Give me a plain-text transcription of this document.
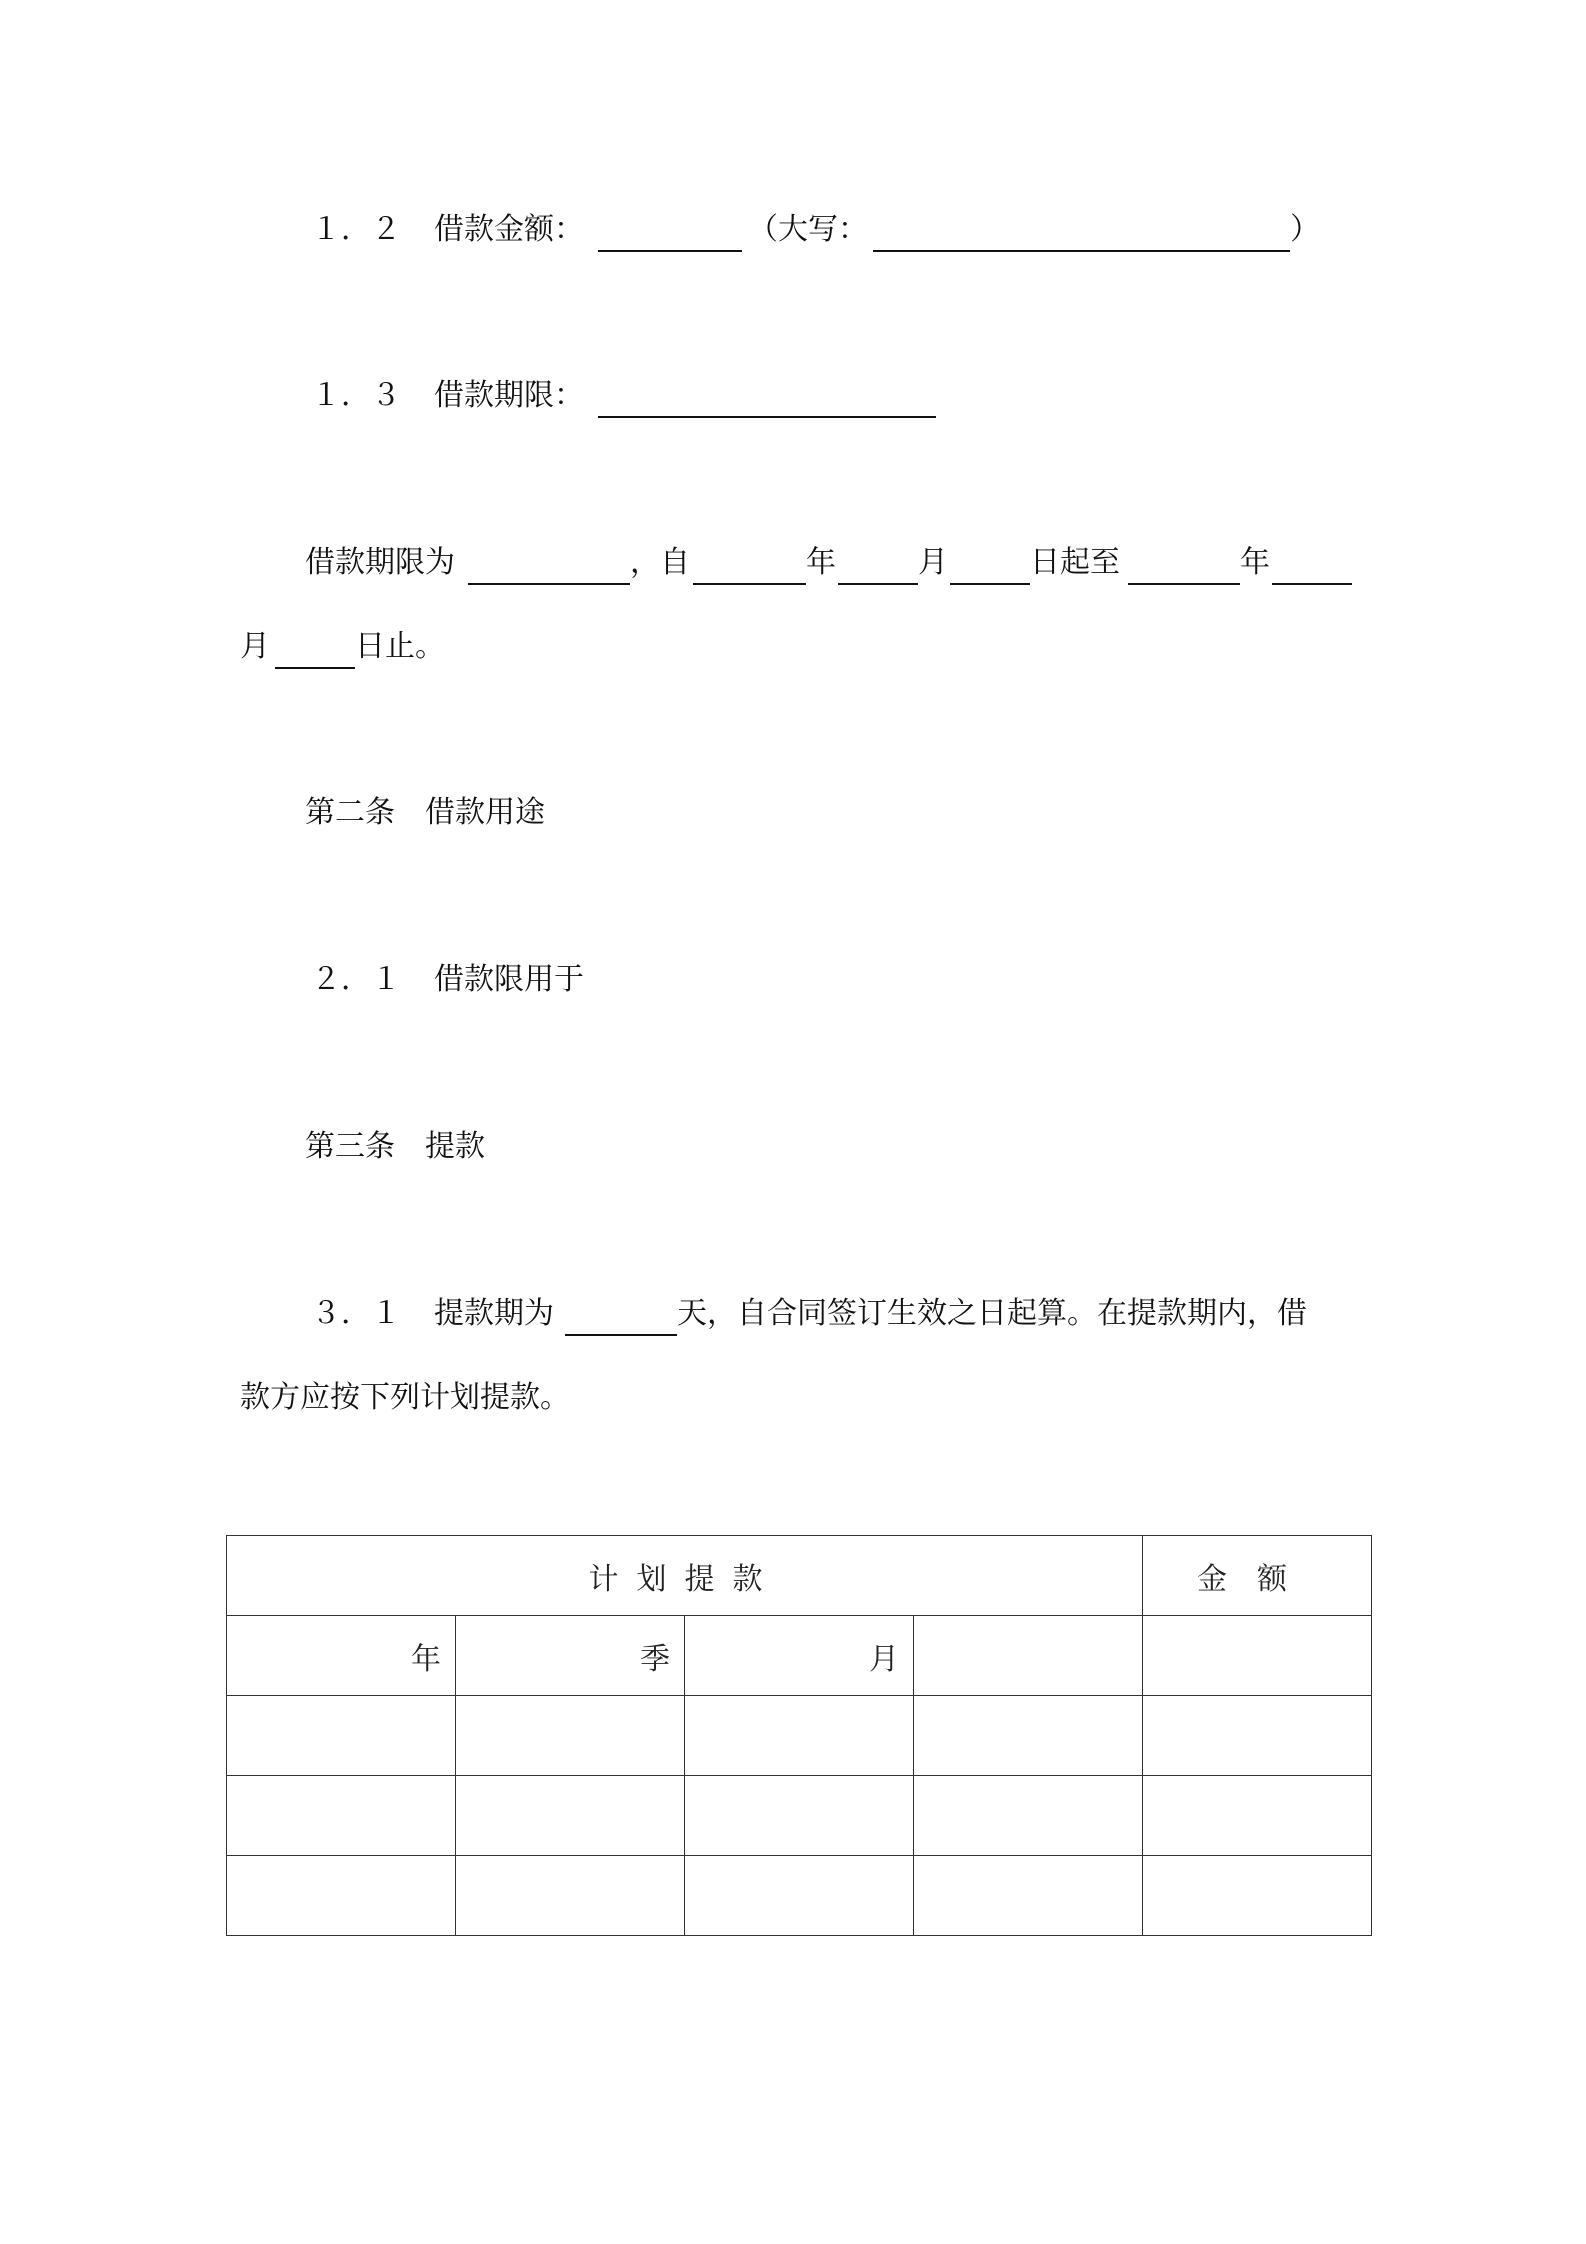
１．２ 借款金额：	（大写：	）
１．３ 借款期限：
借款期限为	，自	年	月	日起至	年
月	日止。
第二条　借款用途
２．１ 借款限用于
第三条　提款
３．１ 提款期为	天，自合同签订生效之日起算。在提款期内，借
款方应按下列计划提款。
计划提款				金额
年	季	月		
